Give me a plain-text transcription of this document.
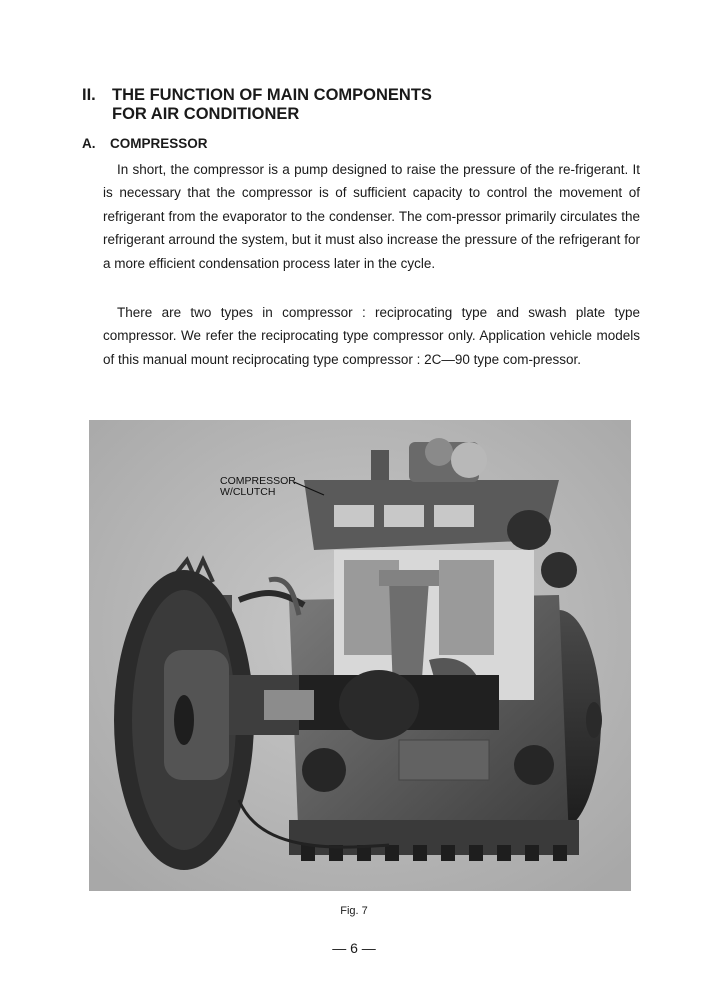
II. THE FUNCTION OF MAIN COMPONENTS
FOR AIR CONDITIONER
A. COMPRESSOR

In short, the compressor is a pump designed to raise the pressure of the re-frigerant. It is necessary that the compressor is of sufficient capacity to control the movement of refrigerant from the evaporator to the condenser. The com-pressor primarily circulates the refrigerant arround the system, but it must also increase the pressure of the refrigerant for a more efficient condensation process later in the cycle.

There are two types in compressor : reciprocating type and swash plate type compressor. We refer the reciprocating type compressor only. Application vehicle models of this manual mount reciprocating type compressor : 2C—90 type com-pressor.

COMPRESSOR
W/CLUTCH
Fig. 7
— 6 —
